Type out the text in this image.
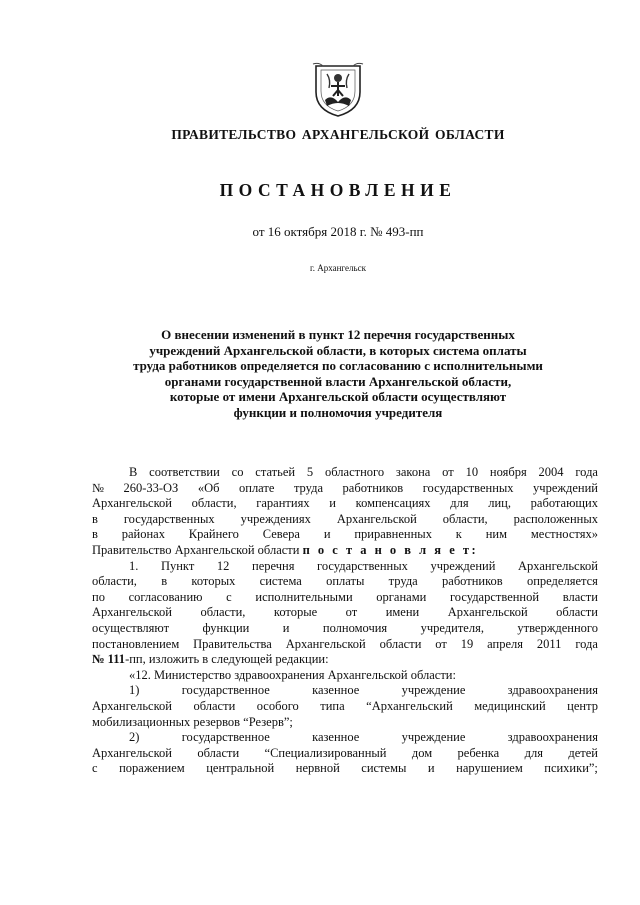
ПРАВИТЕЛЬСТВО АРХАНГЕЛЬСКОЙ ОБЛАСТИ
ПОСТАНОВЛЕНИЕ
от 16 октября 2018 г. № 493-пп
г. Архангельск
О внесении изменений в пункт 12 перечня государственных
учреждений Архангельской области, в которых система оплаты
труда работников определяется по согласованию с исполнительными
органами государственной власти Архангельской области,
которые от имени Архангельской области осуществляют
функции и полномочия учредителя
В соответствии со статьей 5 областного закона от 10 ноября 2004 года
№ 260-33-ОЗ «Об оплате труда работников государственных учреждений
Архангельской области, гарантиях и компенсациях для лиц, работающих
в государственных учреждениях Архангельской области, расположенных
в районах Крайнего Севера и приравненных к ним местностях»
Правительство Архангельской области п о с т а н о в л я е т:
1. Пункт 12 перечня государственных учреждений Архангельской
области, в которых система оплаты труда работников определяется
по согласованию с исполнительными органами государственной власти
Архангельской области, которые от имени Архангельской области
осуществляют	функции	и	полномочия	учредителя,	утвержденного
постановлением Правительства Архангельской области от 19 апреля 2011 года
№ 111-пп, изложить в следующей редакции:
«12. Министерство здравоохранения Архангельской области:
1)	государственное	казенное	учреждение	здравоохранения
Архангельской области особого типа “Архангельский медицинский центр
мобилизационных резервов “Резерв”;
2)	государственное	казенное	учреждение	здравоохранения
Архангельской области “Специализированный дом ребенка для детей
с поражением центральной нервной системы и нарушением психики”;
